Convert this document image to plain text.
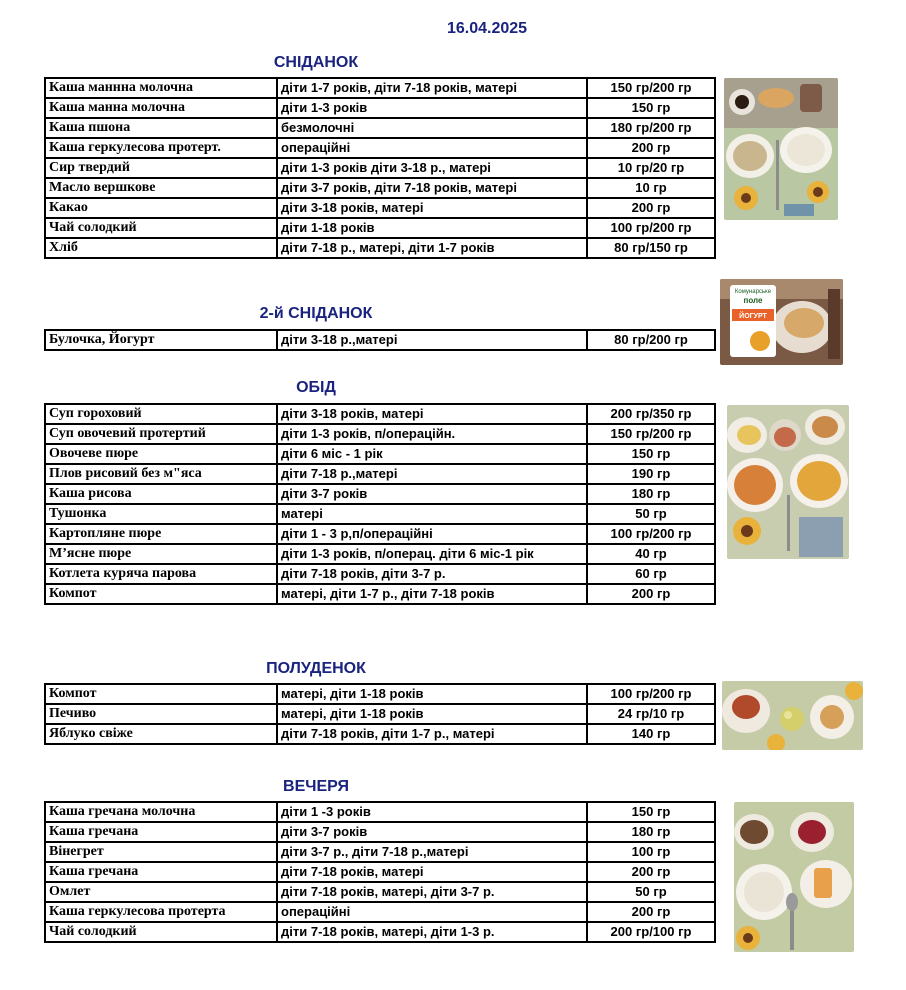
16.04.2025
СНІДАНОК
Каша маннна молочна	діти 1-7 років, діти 7-18 років, матері	150 гр/200 гр
Каша манна молочна	діти 1-3 років	150 гр
Каша пшона	безмолочні	180 гр/200 гр
Каша геркулесова протерт.	операційні	200 гр
Сир твердий	діти 1-3 років діти 3-18 р., матері	10 гр/20 гр
Масло вершкове	діти 3-7 років, діти 7-18 років, матері	10 гр
Какао	діти 3-18 років, матері	200 гр
Чай солодкий	діти 1-18 років	100 гр/200 гр
Хліб	діти 7-18 р., матері, діти 1-7 років	80 гр/150 гр
2-й СНІДАНОК
Булочка, Йогурт	діти 3-18 р.,матері	80 гр/200 гр
ОБІД
Суп гороховий	діти 3-18 років, матері	200 гр/350 гр
Суп овочевий протертий	діти 1-3 років, п/операційн.	150 гр/200 гр
Овочеве пюре	діти 6 міс - 1 рік	150 гр
Плов рисовий без м"яса	діти 7-18 р.,матері	190 гр
Каша рисова	діти 3-7 років	180 гр
Тушонка	матері	50 гр
Картопляне пюре	діти 1 - 3 р,п/операційні	100 гр/200 гр
М’ясне пюре	діти 1-3 років, п/операц. діти 6 міс-1 рік	40 гр
Котлета куряча парова	діти 7-18 років, діти 3-7 р.	60 гр
Компот	матері, діти 1-7 р., діти 7-18 років	200 гр
ПОЛУДЕНОК
Компот	матері, діти 1-18 років	100 гр/200 гр
Печиво	матері, діти 1-18 років	24 гр/10 гр
Яблуко свіже	діти 7-18 років, діти 1-7 р., матері	140 гр
ВЕЧЕРЯ
Каша гречана молочна	діти 1 -3 років	150 гр
Каша гречана	діти 3-7 років	180 гр
Вінегрет	діти 3-7 р., діти 7-18 р.,матері	100 гр
Каша гречана	діти 7-18 років, матері	200 гр
Омлет	діти 7-18 років, матері, діти 3-7 р.	50 гр
Каша геркулесова протерта	операційні	200 гр
Чай солодкий	діти 7-18 років, матері, діти 1-3 р.	200 гр/100 гр
Комунарське
поле
ЙОГУРТ
